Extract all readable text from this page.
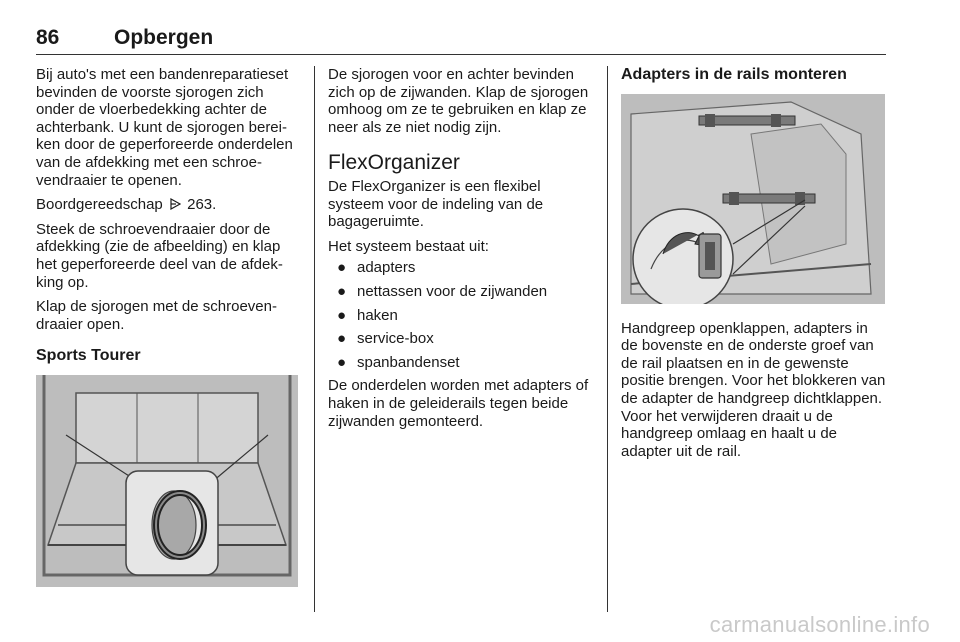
86	Opbergen

Bij auto's met een bandenreparatieset bevinden de voorste sjorogen zich onder de vloerbedekking achter de achterbank. U kunt de sjorogen bereiken door de geperforeerde onderdelen van de afdekking met een schroevendraaier te openen.

Boordgereedschap 263.

Steek de schroevendraaier door de afdekking (zie de afbeelding) en klap het geperforeerde deel van de afdekking op.

Klap de sjorogen met de schroevendraaier open.

Sports Tourer

De sjorogen voor en achter bevinden zich op de zijwanden. Klap de sjorogen omhoog om ze te gebruiken en klap ze neer als ze niet nodig zijn.

FlexOrganizer

De FlexOrganizer is een flexibel systeem voor de indeling van de bagageruimte.

Het systeem bestaat uit:

● adapters
● nettassen voor de zijwanden
● haken
● service-box
● spanbandenset

De onderdelen worden met adapters of haken in de geleiderails tegen beide zijwanden gemonteerd.

Adapters in de rails monteren

Handgreep openklappen, adapters in de bovenste en de onderste groef van de rail plaatsen en in de gewenste positie brengen. Voor het blokkeren van de adapter de handgreep dichtklappen. Voor het verwijderen draait u de handgreep omlaag en haalt u de adapter uit de rail.

carmanualsonline.info
